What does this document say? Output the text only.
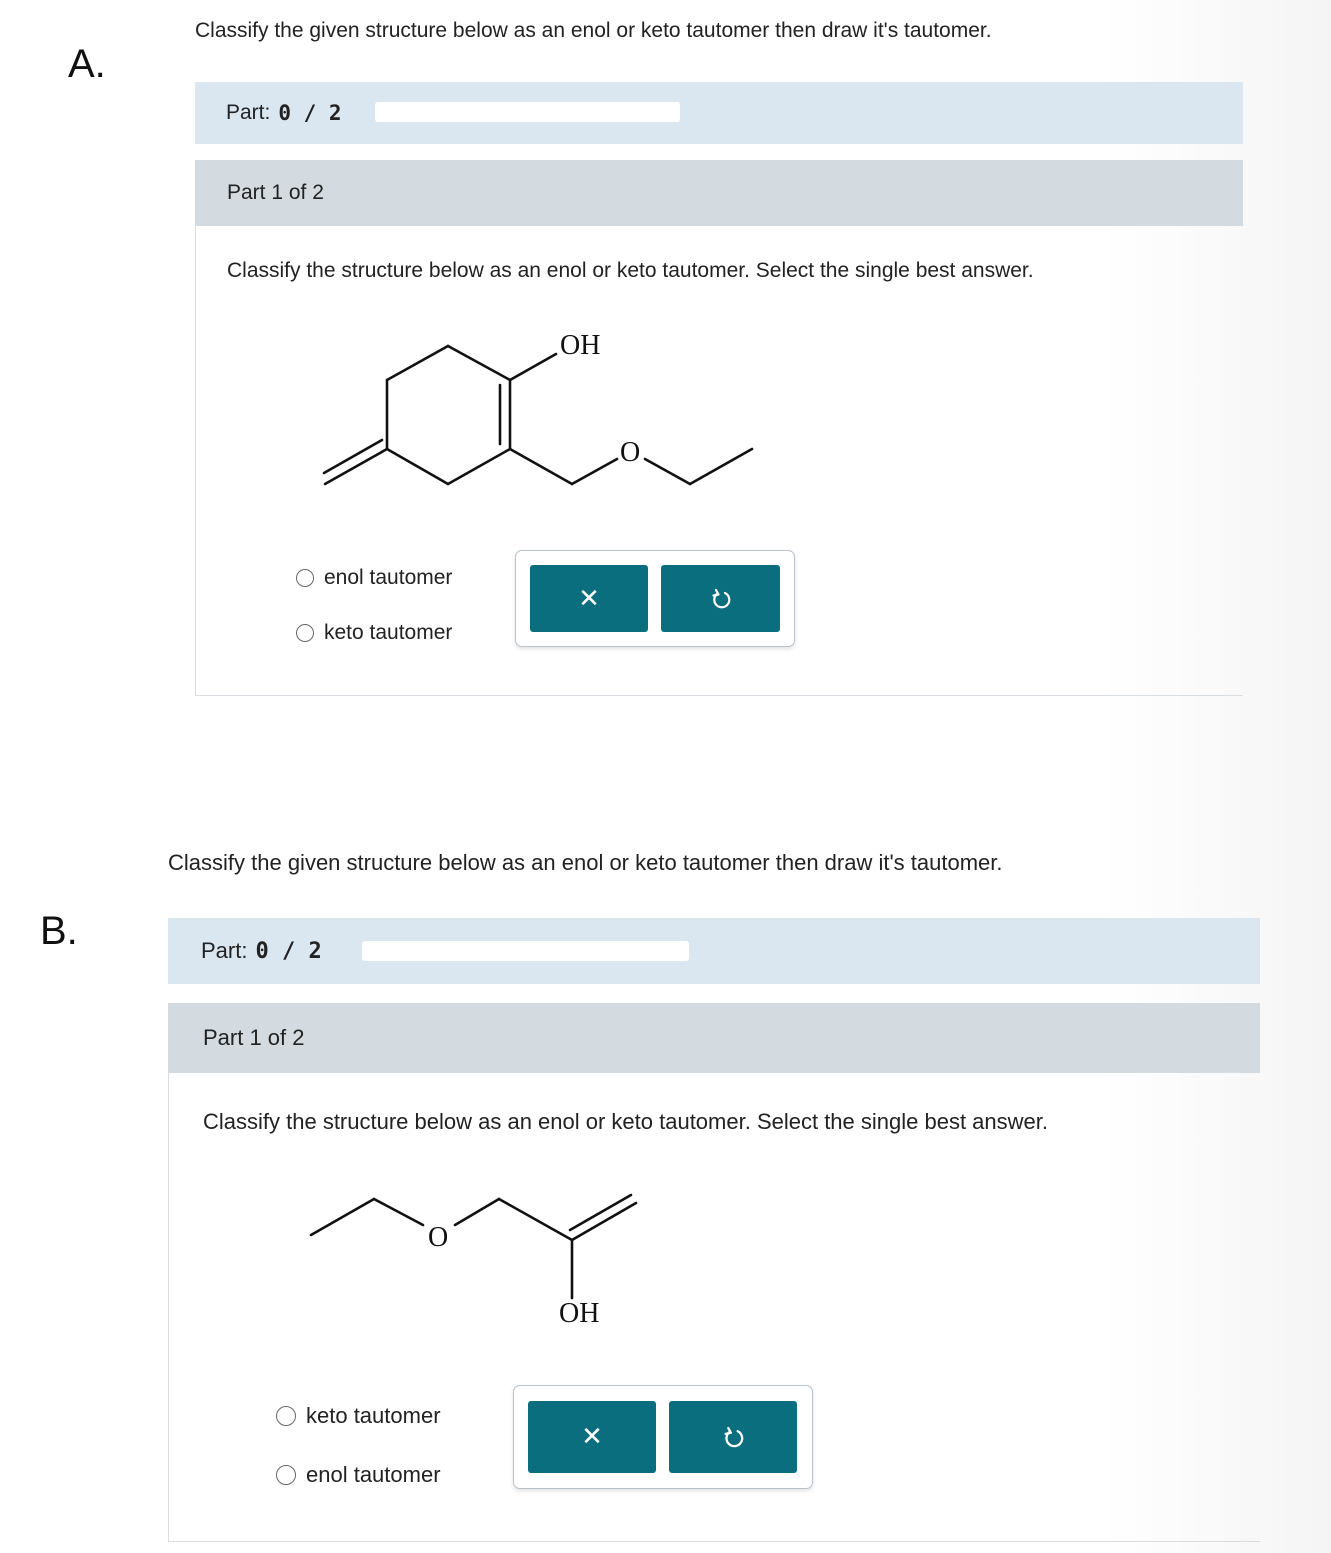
A.
Classify the given structure below as an enol or keto tautomer then draw it's tautomer.
Part: 0 / 2
Part 1 of 2
Classify the structure below as an enol or keto tautomer. Select the single best answer.
OH
O
enol tautomer
keto tautomer
✕
B.
Classify the given structure below as an enol or keto tautomer then draw it's tautomer.
Part: 0 / 2
Part 1 of 2
Classify the structure below as an enol or keto tautomer. Select the single best answer.
O
OH
keto tautomer
enol tautomer
✕
